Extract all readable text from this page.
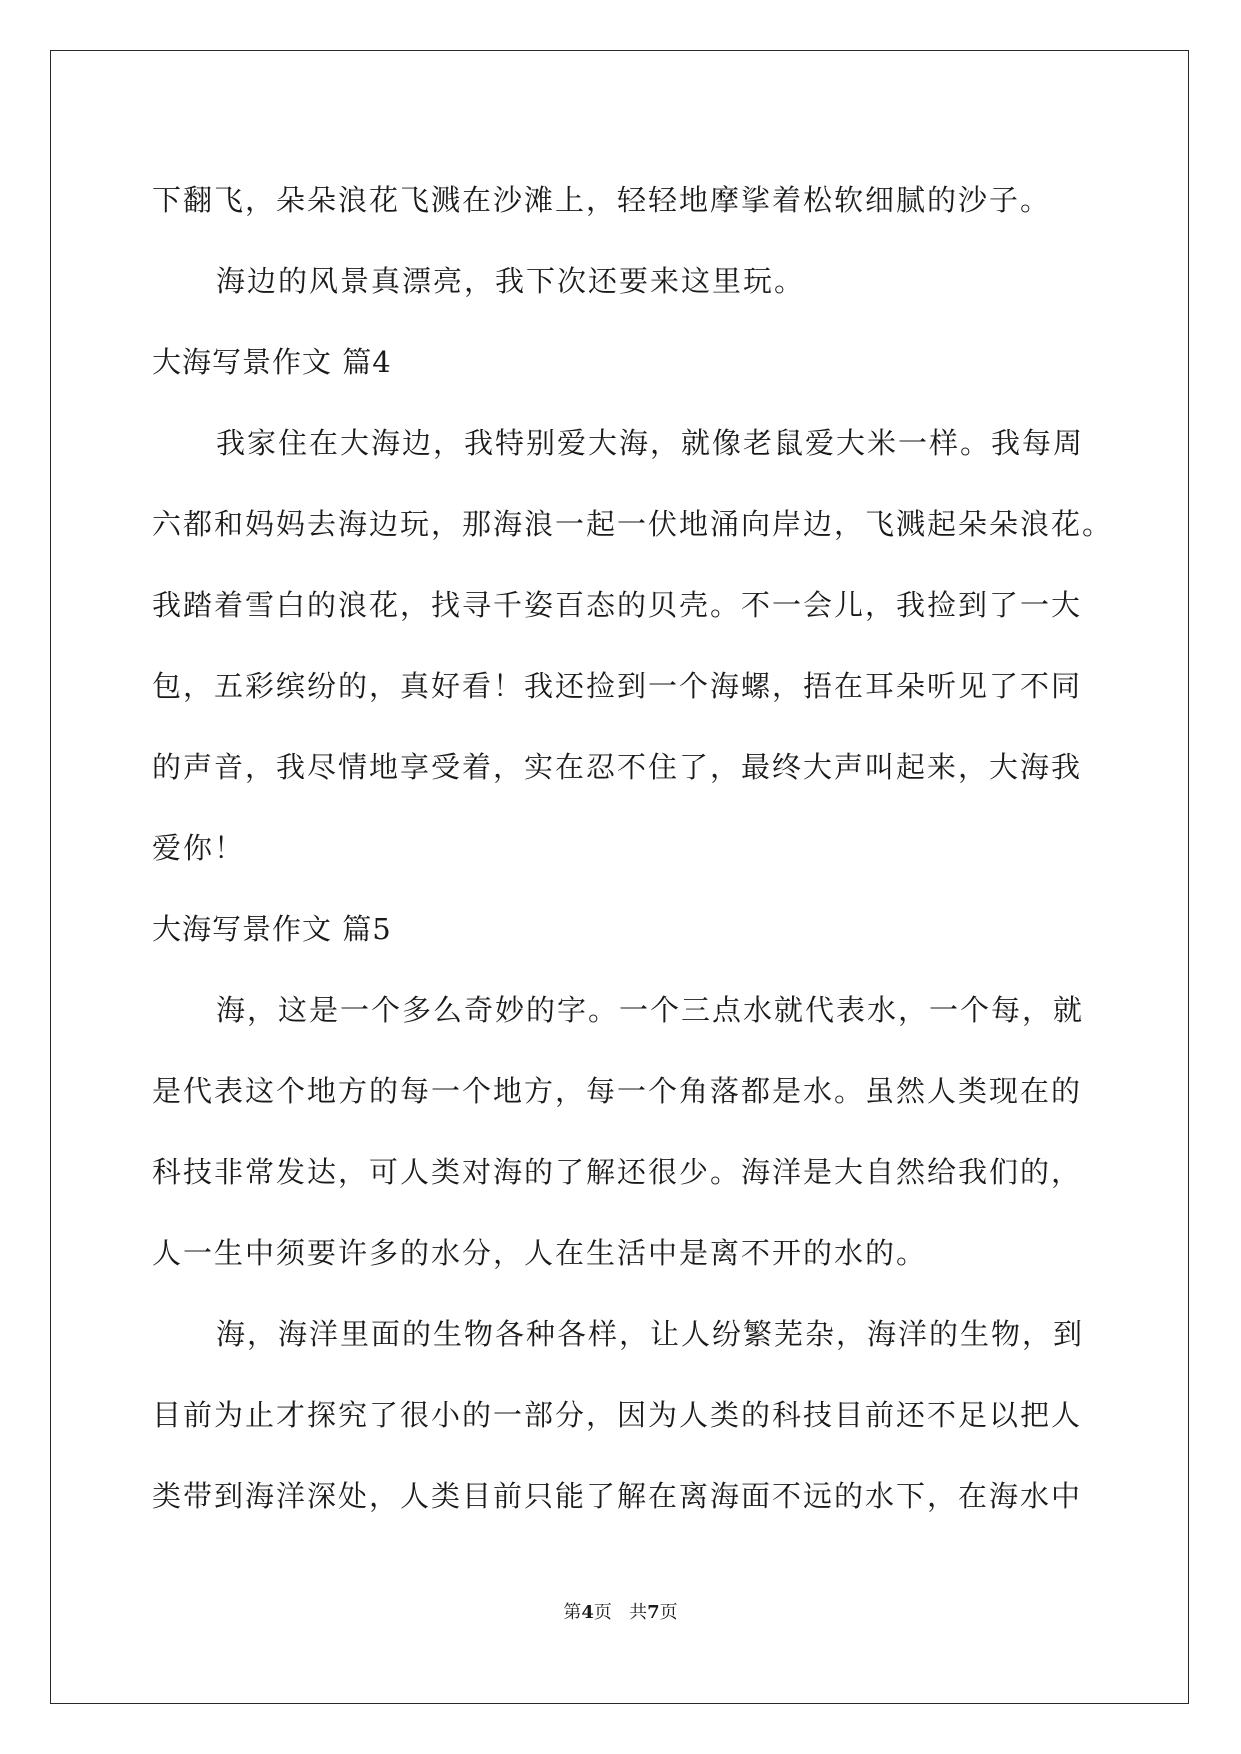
下翻飞，朵朵浪花飞溅在沙滩上，轻轻地摩挲着松软细腻的沙子。
海边的风景真漂亮，我下次还要来这里玩。
大海写景作文 篇4
我家住在大海边，我特别爱大海，就像老鼠爱大米一样。我每周
六都和妈妈去海边玩，那海浪一起一伏地涌向岸边，飞溅起朵朵浪花。
我踏着雪白的浪花，找寻千姿百态的贝壳。不一会儿，我捡到了一大
包，五彩缤纷的，真好看！我还捡到一个海螺，捂在耳朵听见了不同
的声音，我尽情地享受着，实在忍不住了，最终大声叫起来，大海我
爱你！
大海写景作文 篇5
海，这是一个多么奇妙的字。一个三点水就代表水，一个每，就
是代表这个地方的每一个地方，每一个角落都是水。虽然人类现在的
科技非常发达，可人类对海的了解还很少。海洋是大自然给我们的，
人一生中须要许多的水分，人在生活中是离不开的水的。
海，海洋里面的生物各种各样，让人纷繁芜杂，海洋的生物，到
目前为止才探究了很小的一部分，因为人类的科技目前还不足以把人
类带到海洋深处，人类目前只能了解在离海面不远的水下，在海水中
第4页   共7页
